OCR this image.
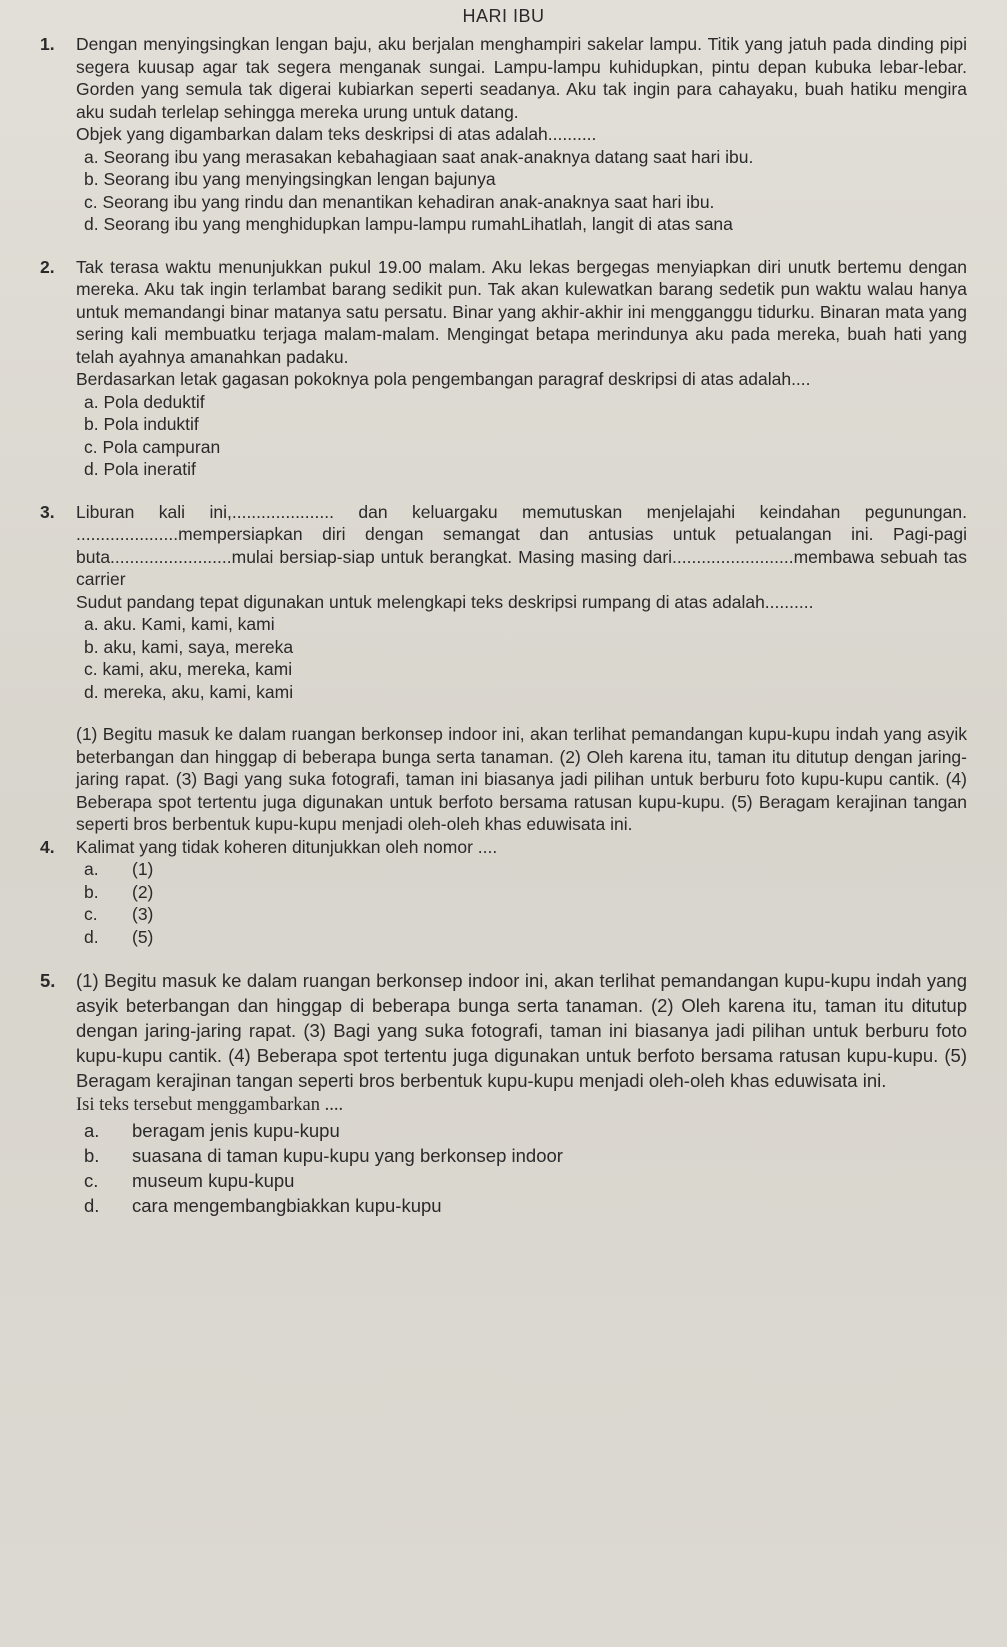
HARI IBU
1. Dengan menyingsingkan lengan baju, aku berjalan menghampiri sakelar lampu. Titik yang jatuh pada dinding pipi segera kuusap agar tak segera menganak sungai. Lampu-lampu kuhidupkan, pintu depan kubuka lebar-lebar. Gorden yang semula tak digerai kubiarkan seperti seadanya. Aku tak ingin para cahayaku, buah hatiku mengira aku sudah terlelap sehingga mereka urung untuk datang.

Objek yang digambarkan dalam teks deskripsi di atas adalah..........

a. Seorang ibu yang merasakan kebahagiaan saat anak-anaknya datang saat hari ibu.
b. Seorang ibu yang menyingsingkan lengan bajunya
c. Seorang ibu yang rindu dan menantikan kehadiran anak-anaknya saat hari ibu.
d. Seorang ibu yang menghidupkan lampu-lampu rumahLihatlah, langit di atas sana
2. Tak terasa waktu menunjukkan pukul 19.00 malam. Aku lekas bergegas menyiapkan diri unutk bertemu dengan mereka. Aku tak ingin terlambat barang sedikit pun. Tak akan kulewatkan barang sedetik pun waktu walau hanya untuk memandangi binar matanya satu persatu. Binar yang akhir-akhir ini mengganggu tidurku. Binaran mata yang sering kali membuatku terjaga malam-malam. Mengingat betapa merindunya aku pada mereka, buah hati yang telah ayahnya amanahkan padaku.

Berdasarkan letak gagasan pokoknya pola pengembangan paragraf deskripsi di atas adalah....

a. Pola deduktif
b. Pola induktif
c. Pola campuran
d. Pola ineratif
3. Liburan kali ini,..................... dan keluargaku memutuskan menjelajahi keindahan pegunungan. .....................mempersiapkan diri dengan semangat dan antusias untuk petualangan ini. Pagi-pagi buta.........................mulai bersiap-siap untuk berangkat. Masing masing dari.........................membawa sebuah tas carrier

Sudut pandang tepat digunakan untuk melengkapi teks deskripsi rumpang di atas adalah..........

a. aku. Kami, kami, kami
b. aku, kami, saya, mereka
c. kami, aku, mereka, kami
d. mereka, aku, kami, kami

(1) Begitu masuk ke dalam ruangan berkonsep indoor ini, akan terlihat pemandangan kupu-kupu indah yang asyik beterbangan dan hinggap di beberapa bunga serta tanaman. (2) Oleh karena itu, taman itu ditutup dengan jaring-jaring rapat. (3) Bagi yang suka fotografi, taman ini biasanya jadi pilihan untuk berburu foto kupu-kupu cantik. (4) Beberapa spot tertentu juga digunakan untuk berfoto bersama ratusan kupu-kupu. (5) Beragam kerajinan tangan seperti bros berbentuk kupu-kupu menjadi oleh-oleh khas eduwisata ini.

4. Kalimat yang tidak koheren ditunjukkan oleh nomor ....

a.	(1)
b.	(2)
c.	(3)
d.	(5)
5. (1) Begitu masuk ke dalam ruangan berkonsep indoor ini, akan terlihat pemandangan kupu-kupu indah yang asyik beterbangan dan hinggap di beberapa bunga serta tanaman. (2) Oleh karena itu, taman itu ditutup dengan jaring-jaring rapat. (3) Bagi yang suka fotografi, taman ini biasanya jadi pilihan untuk berburu foto kupu-kupu cantik. (4) Beberapa spot tertentu juga digunakan untuk berfoto bersama ratusan kupu-kupu. (5) Beragam kerajinan tangan seperti bros berbentuk kupu-kupu menjadi oleh-oleh khas eduwisata ini.

Isi teks tersebut menggambarkan ....

a.	beragam jenis kupu-kupu
b.	suasana di taman kupu-kupu yang berkonsep indoor
c.	museum kupu-kupu
d.	cara mengembangbiakkan kupu-kupu
